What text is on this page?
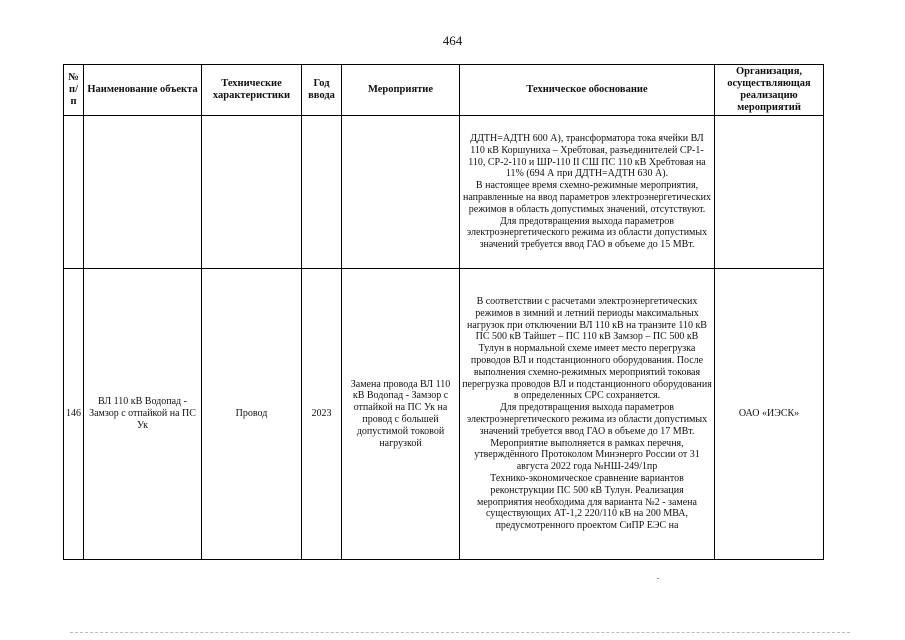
464
№ п/п	Наименование объекта	Технические характеристики	Год ввода	Мероприятие	Техническое обоснование	Организация, осуществляющая реализацию мероприятий

					ДДТН=АДТН 600 А), трансформатора тока ячейки ВЛ 110 кВ Коршуниха – Хребтовая, разъединителей СР-1-110, СР-2-110 и ШР-110 II СШ ПС 110 кВ Хребтовая на 11% (694 А при ДДТН=АДТН 630 А).

В настоящее время схемно-режимные мероприятия, направленные на ввод параметров электроэнергетических режимов в область допустимых значений, отсутствуют.

Для предотвращения выхода параметров электроэнергетического режима из области допустимых значений требуется ввод ГАО в объеме до 15 МВт.	

146	ВЛ 110 кВ Водопад - Замзор с отпайкой на ПС Ук	Провод	2023	Замена провода ВЛ 110 кВ Водопад - Замзор с отпайкой на ПС Ук на провод с большей допустимой токовой нагрузкой	В соответствии с расчетами электроэнергетических режимов в зимний и летний периоды максимальных нагрузок при отключении ВЛ 110 кВ на транзите 110 кВ ПС 500 кВ Тайшет – ПС 110 кВ Замзор – ПС 500 кВ Тулун в нормальной схеме имеет место перегрузка проводов ВЛ и подстанционного оборудования. После выполнения схемно-режимных мероприятий токовая перегрузка проводов ВЛ и подстанционного оборудования в определенных СРС сохраняется.

Для предотвращения выхода параметров электроэнергетического режима из области допустимых значений требуется ввод ГАО в объеме до 17 МВт.

Мероприятие выполняется в рамках перечня, утверждённого Протоколом Минэнерго России от 31 августа 2022 года №НШ-249/1пр

Технико-экономическое сравнение вариантов реконструкции ПС 500 кВ Тулун. Реализация мероприятия необходима для варианта №2 - замена существующих АТ-1,2 220/110 кВ на 200 МВА, предусмотренного проектом СиПР ЕЭС на	ОАО «ИЭСК»
